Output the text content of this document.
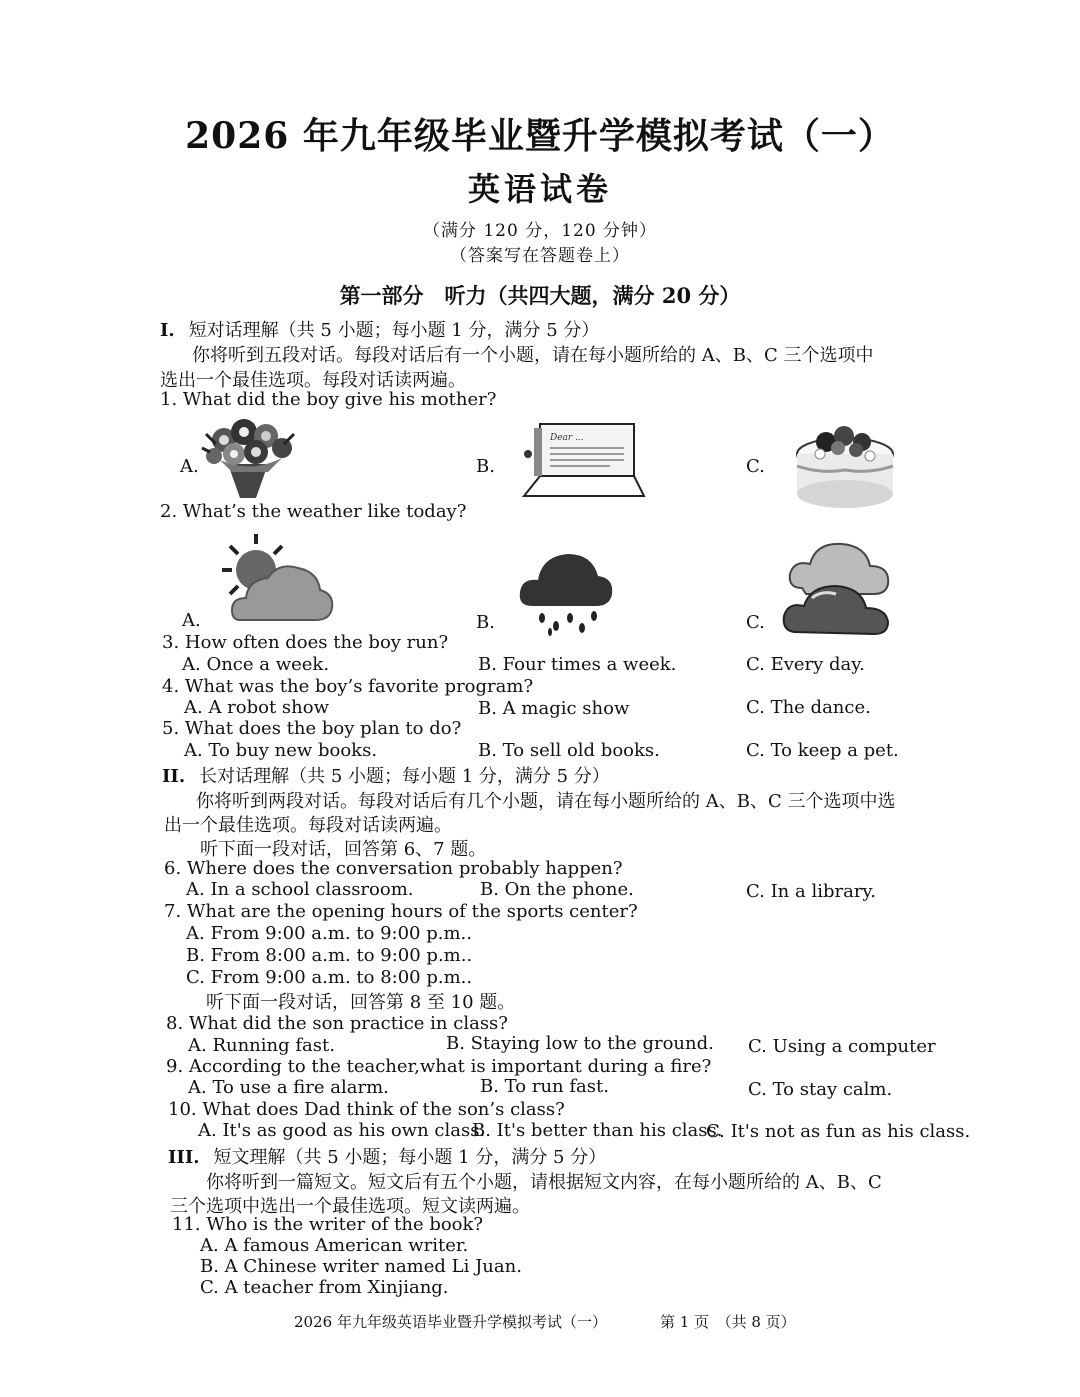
2026 年九年级毕业暨升学模拟考试（一）
英语试卷
（满分 120 分，120 分钟）
（答案写在答题卷上）
第一部分　听力（共四大题，满分 20 分）
I. 短对话理解（共 5 小题；每小题 1 分，满分 5 分）
你将听到五段对话。每段对话后有一个小题，请在每小题所给的 A、B、C 三个选项中
选出一个最佳选项。每段对话读两遍。
1. What did the boy give his mother?
A.	B.	C.
Dear ...
2. What’s the weather like today?
A.	B.	C.
3. How often does the boy run?
A. Once a week.	B. Four times a week.	C. Every day.
4. What was the boy’s favorite program?
A. A robot show	B. A magic show	C. The dance.
5. What does the boy plan to do?
A. To buy new books.	B. To sell old books.	C. To keep a pet.
II. 长对话理解（共 5 小题；每小题 1 分，满分 5 分）
你将听到两段对话。每段对话后有几个小题，请在每小题所给的 A、B、C 三个选项中选
出一个最佳选项。每段对话读两遍。
听下面一段对话，回答第 6、7 题。
6. Where does the conversation probably happen?
A. In a school classroom.	B. On the phone.	C. In a library.
7. What are the opening hours of the sports center?
A. From 9:00 a.m. to 9:00 p.m..
B. From 8:00 a.m. to 9:00 p.m..
C. From 9:00 a.m. to 8:00 p.m..
听下面一段对话，回答第 8 至 10 题。
8. What did the son practice in class?
A. Running fast.	B. Staying low to the ground. C. Using a computer
9. According to the teacher,what is important during a fire?
A. To use a fire alarm.	B. To run fast.	C. To stay calm.
10. What does Dad think of the son’s class?
A. It's as good as his own class.
B. It's better than his class.
C. It's not as fun as his class.
III. 短文理解（共 5 小题；每小题 1 分，满分 5 分）
你将听到一篇短文。短文后有五个小题，请根据短文内容，在每小题所给的 A、B、C
三个选项中选出一个最佳选项。短文读两遍。
11. Who is the writer of the book?
A. A famous American writer.
B. A Chinese writer named Li Juan.
C. A teacher from Xinjiang.
2026 年九年级英语毕业暨升学模拟考试（一）	第 1 页　（共 8 页）
